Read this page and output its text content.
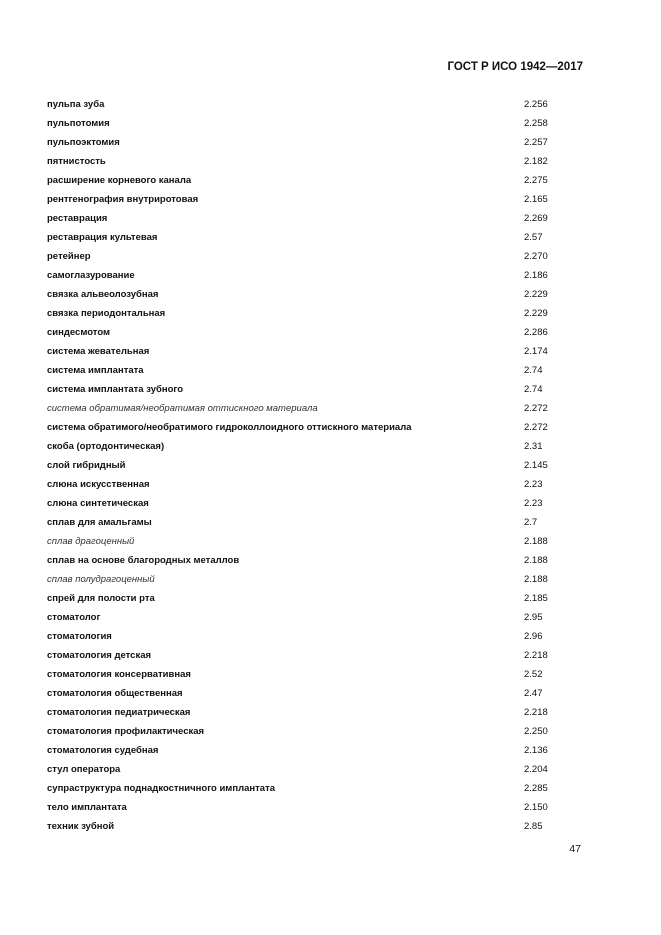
ГОСТ Р ИСО 1942—2017
пульпа зуба	2.256
пульпотомия	2.258
пульпоэктомия	2.257
пятнистость	2.182
расширение корневого канала	2.275
рентгенография внутриротовая	2.165
реставрация	2.269
реставрация культевая	2.57
ретейнер	2.270
самоглазурование	2.186
связка альвеолозубная	2.229
связка периодонтальная	2.229
синдесмотом	2.286
система жевательная	2.174
система имплантата	2.74
система имплантата зубного	2.74
система обратимая/необратимая оттискного материала	2.272
система обратимого/необратимого гидроколлоидного оттискного материала	2.272
скоба (ортодонтическая)	2.31
слой гибридный	2.145
слюна искусственная	2.23
слюна синтетическая	2.23
сплав для амальгамы	2.7
сплав драгоценный	2.188
сплав на основе благородных металлов	2.188
сплав полудрагоценный	2.188
спрей для полости рта	2.185
стоматолог	2.95
стоматология	2.96
стоматология детская	2.218
стоматология консервативная	2.52
стоматология общественная	2.47
стоматология педиатрическая	2.218
стоматология профилактическая	2.250
стоматология судебная	2.136
стул оператора	2.204
супраструктура поднадкостничного имплантата	2.285
тело имплантата	2.150
техник зубной	2.85
47
